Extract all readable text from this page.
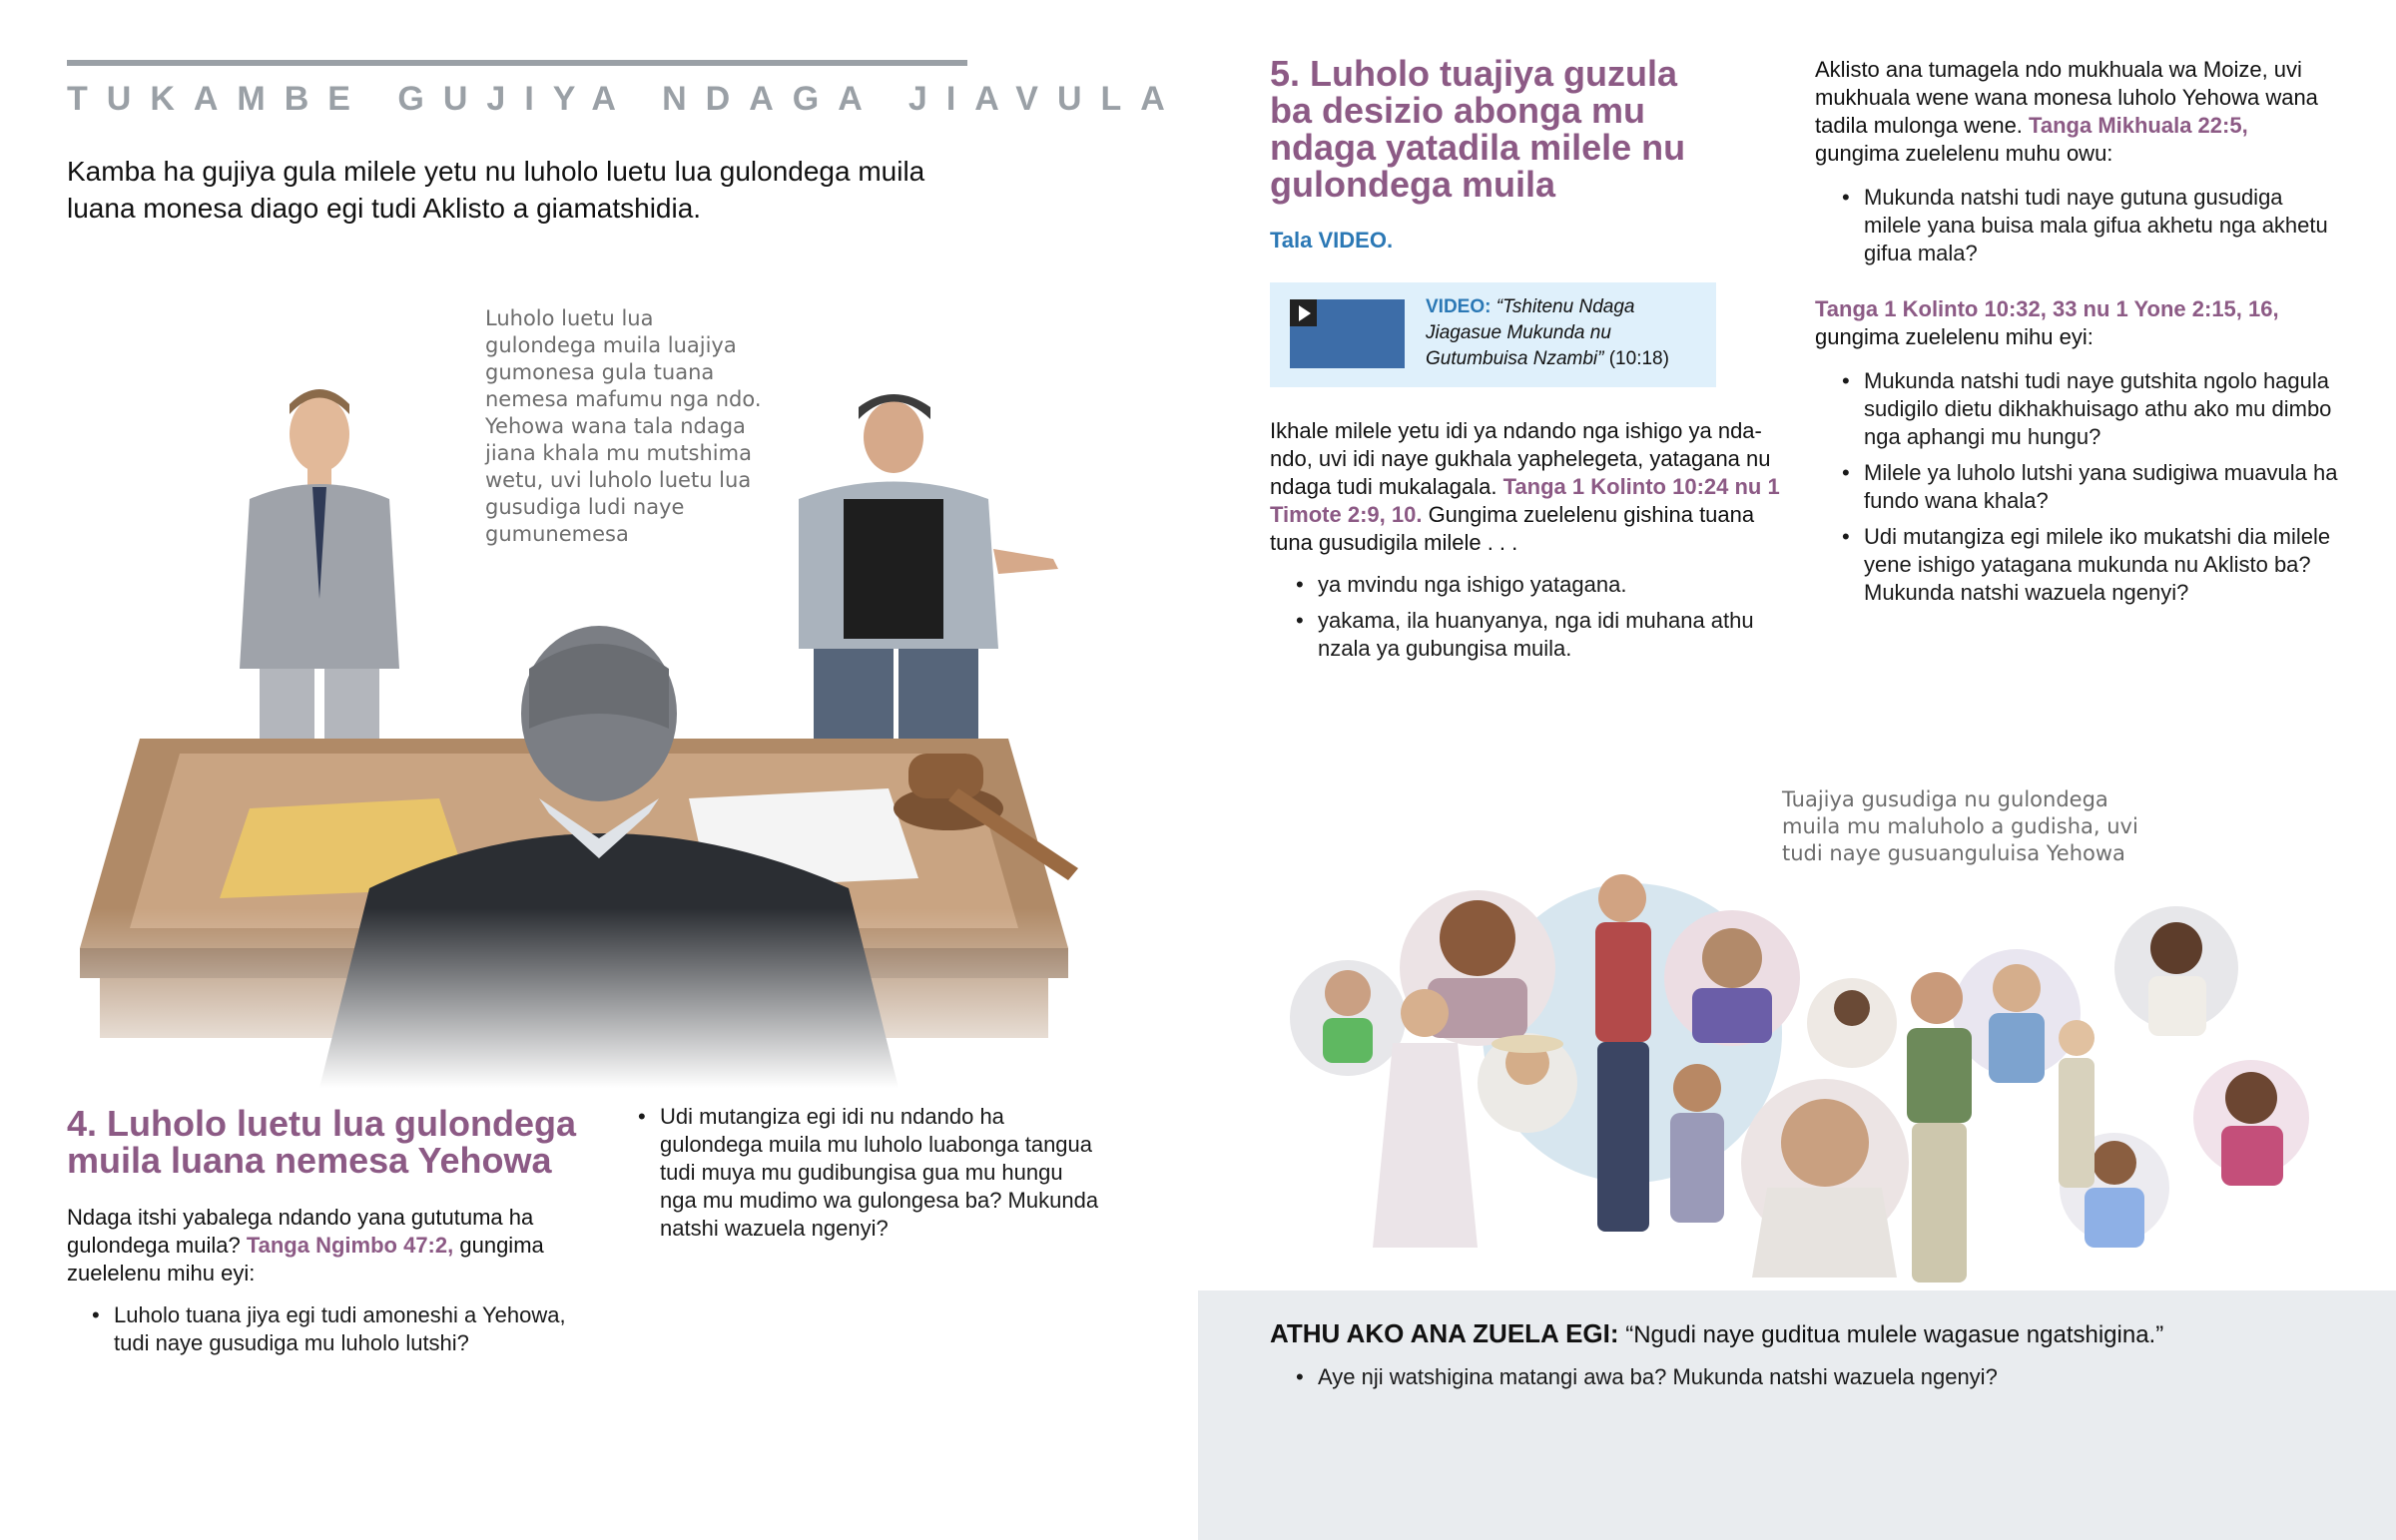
TUKAMBE GUJIYA NDAGA JIAVULA
Kamba ha gujiya gula milele yetu nu luholo luetu lua gulondega muila luana monesa diago egi tudi Aklisto a giamatshidia.
Luholo luetu lua gulondega muila luajiya gumonesa gula tuana nemesa mafumu nga ndo. Yehowa wana tala ndaga jiana khala mu mutshima wetu, uvi luholo luetu lua gusudiga ludi naye gumunemesa
4. Luholo luetu lua gulondega muila luana nemesa Yehowa
Ndaga itshi yabalega ndando yana gututuma ha gulondega muila? Tanga Ngimbo 47:2, gungima zuelelenu mihu eyi:
• Luholo tuana jiya egi tudi amoneshi a Yehowa, tudi naye gusudiga mu luholo lutshi?
• Udi mutangiza egi idi nu ndando ha gulondega muila mu luholo luabonga tangua tudi muya mu gudibungisa gua mu hungu nga mu mudimo wa gulongesa ba? Mukunda natshi wazuela ngenyi?
5. Luholo tuajiya guzula ba desizio abonga mu ndaga yatadila milele nu gulondega muila
Tala VIDEO.
VIDEO: “Tshitenu Ndaga Jiagasue Mukunda nu Gutumbuisa Nzambi” (10:18)
Ikhale milele yetu idi ya ndando nga ishigo ya ndando, uvi idi naye gukhala yaphelegeta, yatagana nu ndaga tudi mukalagala. Tanga 1 Kolinto 10:24 nu 1 Timote 2:9, 10. Gungima zuelelenu gishina tuana tuna gusudigila milele . . .
• ya mvindu nga ishigo yatagana.
• yakama, ila huanyanya, nga idi muhana athu nzala ya gubungisa muila.
Aklisto ana tumagela ndo mukhuala wa Moize, uvi mukhuala wene wana monesa luholo Yehowa wana tadila mulonga wene. Tanga Mikhuala 22:5, gungima zuelelenu muhu owu:
• Mukunda natshi tudi naye gutuna gusudiga milele yana buisa mala gifua akhetu nga akhetu gifua mala?
Tanga 1 Kolinto 10:32, 33 nu 1 Yone 2:15, 16, gungima zuelelenu mihu eyi:
• Mukunda natshi tudi naye gutshita ngolo hagula sudigilo dietu dikhakhuisago athu ako mu dimbo nga aphangi mu hungu?
• Milele ya luholo lutshi yana sudigiwa muavula ha fundo wana khala?
• Udi mutangiza egi milele iko mukatshi dia milele yene ishigo yatagana mukunda nu Aklisto ba? Mukunda natshi wazuela ngenyi?
Tuajiya gusudiga nu gulondega muila mu maluholo a gudisha, uvi tudi naye gusuanguluisa Yehowa
ATHU AKO ANA ZUELA EGI: “Ngudi naye guditua mulele wagasue ngatshigina.”
• Aye nji watshigina matangi awa ba? Mukunda natshi wazuela ngenyi?
